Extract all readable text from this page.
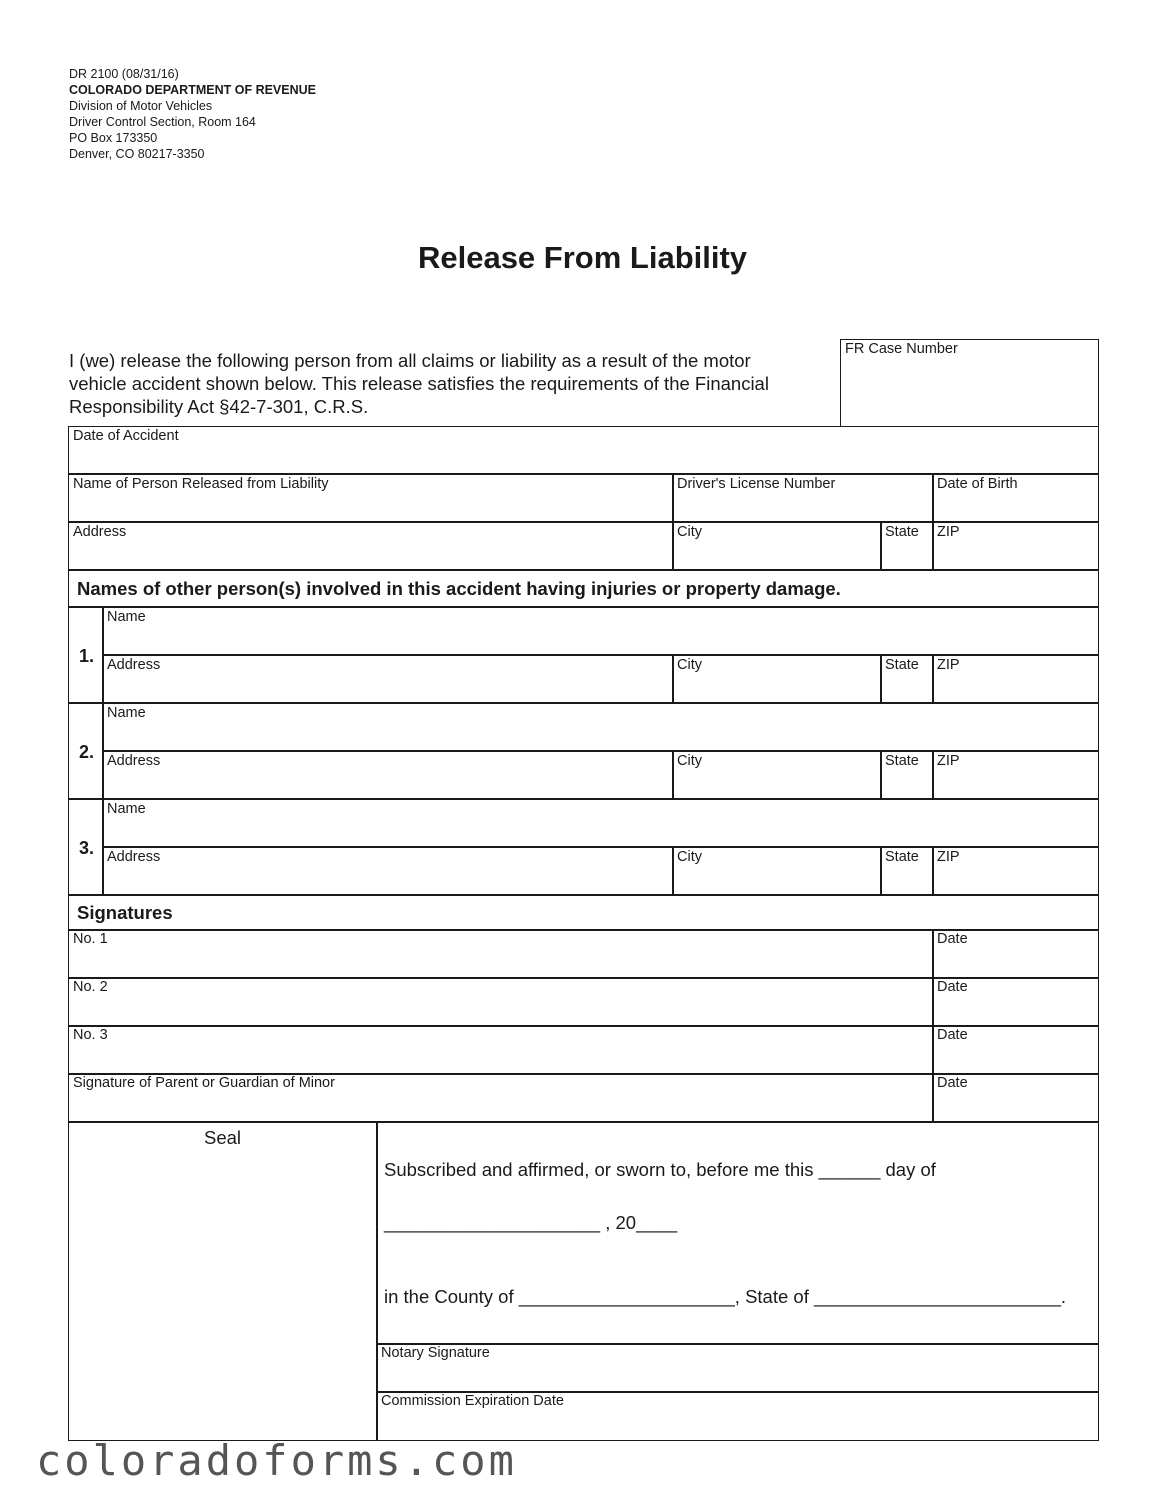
DR 2100 (08/31/16)
COLORADO DEPARTMENT OF REVENUE
Division of Motor Vehicles
Driver Control Section, Room 164
PO Box 173350
Denver, CO 80217-3350
Release From Liability
I (we) release the following person from all claims or liability as a result of the motor
vehicle accident shown below. This release satisfies the requirements of the Financial
Responsibility Act §42-7-301, C.R.S.
FR Case Number
Date of Accident
Name of Person Released from Liability	Driver's License Number	Date of Birth
Address	City	State ZIP
Names of other person(s) involved in this accident having injuries or property damage.
1.
Name
Address	City	State ZIP
2.
Name
Address	City	State ZIP
3.
Name
Address	City	State ZIP
Signatures
No. 1	Date
No. 2	Date
No. 3	Date
Signature of Parent or Guardian of Minor	Date
Seal
Subscribed and affirmed, or sworn to, before me this ______ day of
_____________________ , 20____
in the County of _____________________, State of ________________________.
Notary Signature
Commission Expiration Date
coloradoforms.com
